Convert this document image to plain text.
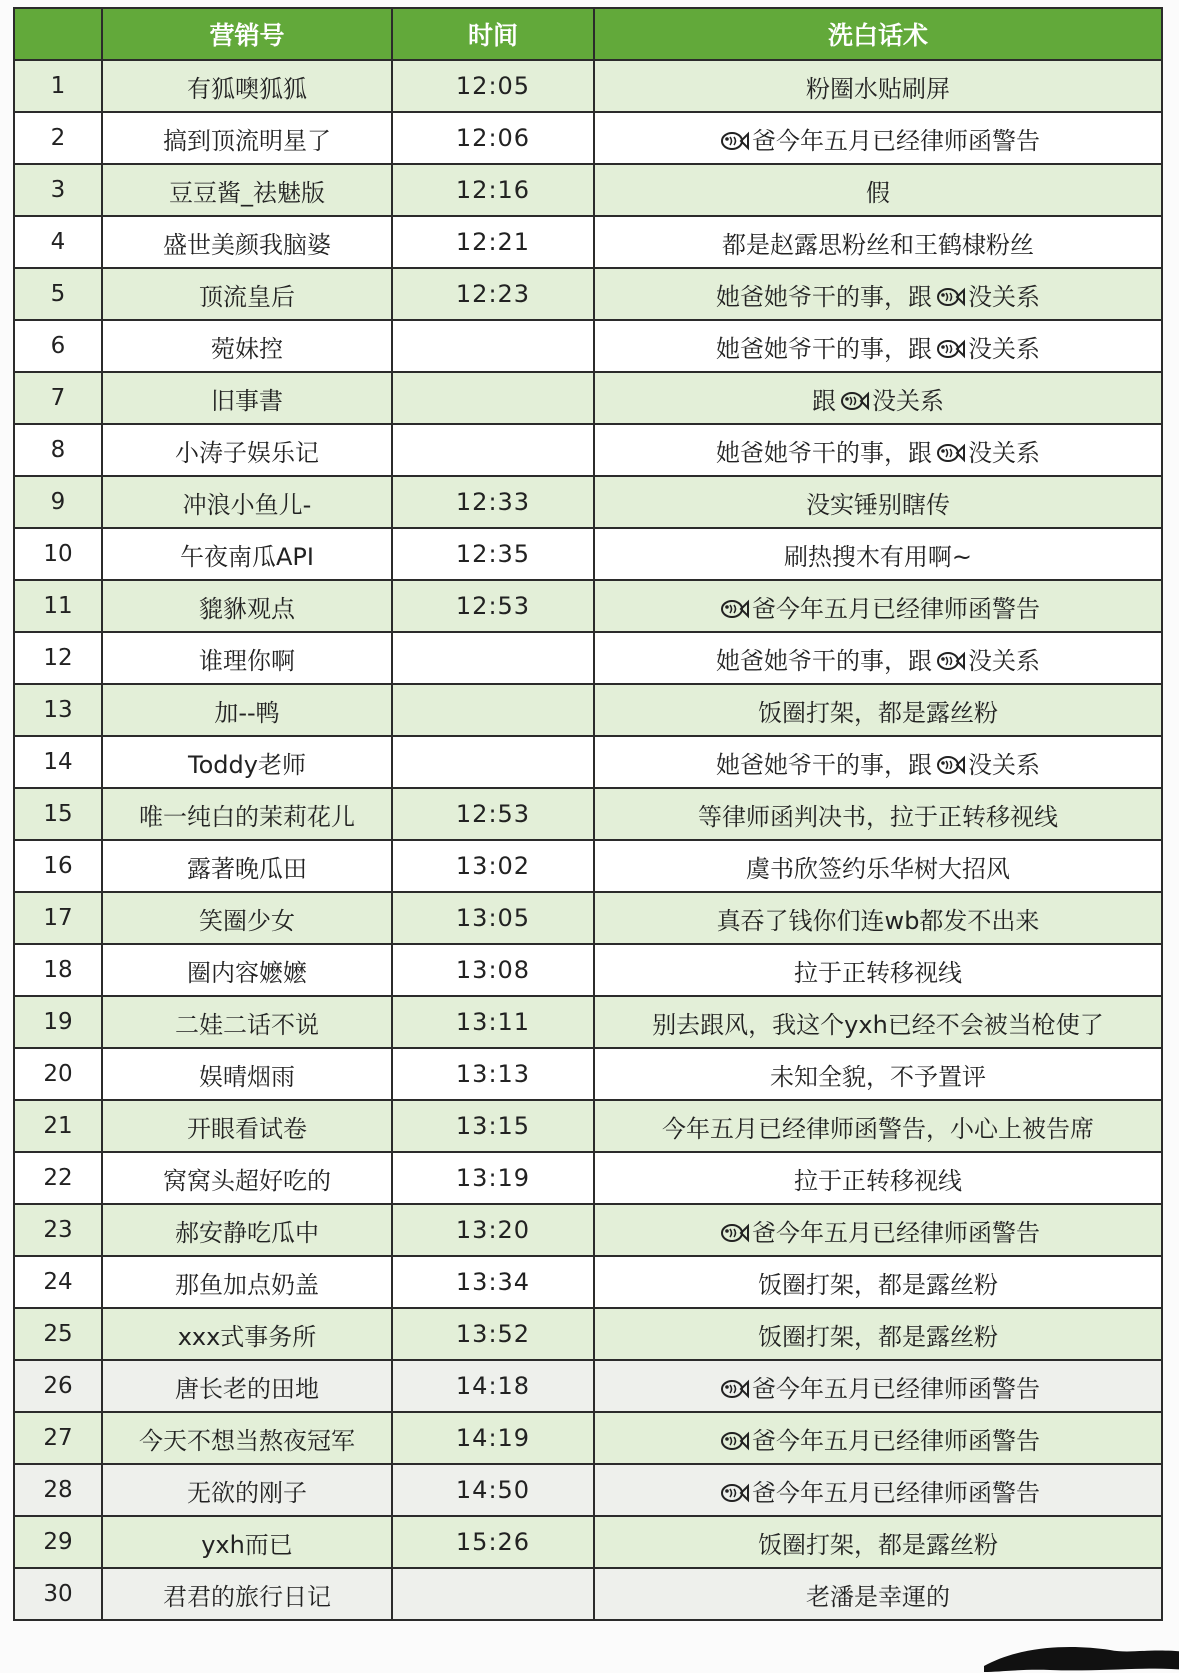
	营销号	时间	洗白话术
1	有狐噢狐狐	12:05	粉圈水贴刷屏
2	搞到顶流明星了	12:06	爸今年五月已经律师函警告
3	豆豆酱_祛魅版	12:16	假
4	盛世美颜我脑婆	12:21	都是赵露思粉丝和王鹤棣粉丝
5	顶流皇后	12:23	她爸她爷干的事，跟 没关系
6	菀妹控		她爸她爷干的事，跟 没关系
7	旧事書		跟 没关系
8	小涛子娱乐记		她爸她爷干的事，跟 没关系
9	冲浪小鱼儿-	12:33	没实锤别瞎传
10	午夜南瓜API	12:35	刷热搜木有用啊~
11	貔貅观点	12:53	爸今年五月已经律师函警告
12	谁理你啊		她爸她爷干的事，跟 没关系
13	加--鸭		饭圈打架，都是露丝粉
14	Toddy老师		她爸她爷干的事，跟 没关系
15	唯一纯白的茉莉花儿	12:53	等律师函判决书，拉于正转移视线
16	露著晚瓜田	13:02	虞书欣签约乐华树大招风
17	笑圈少女	13:05	真吞了钱你们连wb都发不出来
18	圈内容嬷嬷	13:08	拉于正转移视线
19	二娃二话不说	13:11	别去跟风，我这个yxh已经不会被当枪使了
20	娱晴烟雨	13:13	未知全貌，不予置评
21	开眼看试卷	13:15	今年五月已经律师函警告，小心上被告席
22	窝窝头超好吃的	13:19	拉于正转移视线
23	郝安静吃瓜中	13:20	爸今年五月已经律师函警告
24	那鱼加点奶盖	13:34	饭圈打架，都是露丝粉
25	xxx式事务所	13:52	饭圈打架，都是露丝粉
26	唐长老的田地	14:18	爸今年五月已经律师函警告
27	今天不想当熬夜冠军	14:19	爸今年五月已经律师函警告
28	无欲的刚子	14:50	爸今年五月已经律师函警告
29	yxh而已	15:26	饭圈打架，都是露丝粉
30	君君的旅行日记		老潘是幸運的
